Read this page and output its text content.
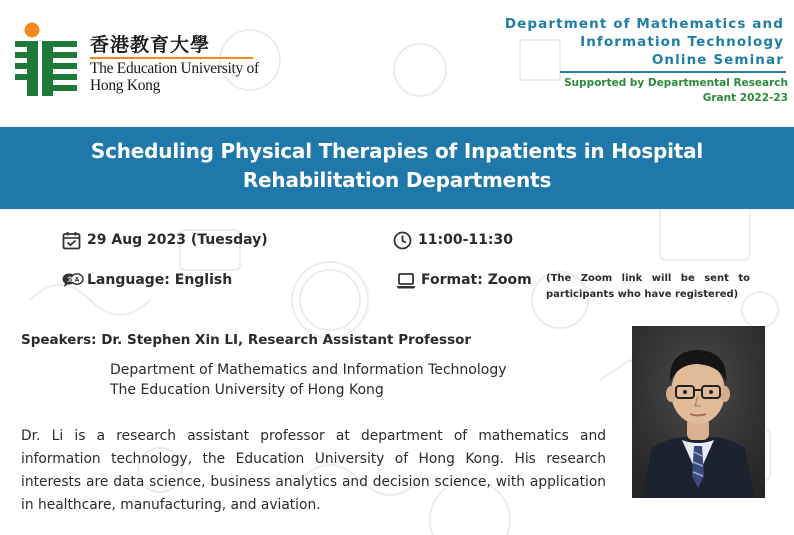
香港教育大學
The Education University of Hong Kong
Department of Mathematics and
Information Technology
Online Seminar
Supported by Departmental Research
Grant 2022-23
Scheduling Physical Therapies of Inpatients in Hospital
Rehabilitation Departments
29 Aug 2023 (Tuesday)	11:00-11:30
文 A Language: English	Format: Zoom (The Zoom link will be sent to participants who have registered)
Speakers: Dr. Stephen Xin LI, Research Assistant Professor
Department of Mathematics and Information Technology
The Education University of Hong Kong
Dr. Li is a research assistant professor at department of mathematics and information technology, the Education University of Hong Kong. His research interests are data science, business analytics and decision science, with application in healthcare, manufacturing, and aviation.
